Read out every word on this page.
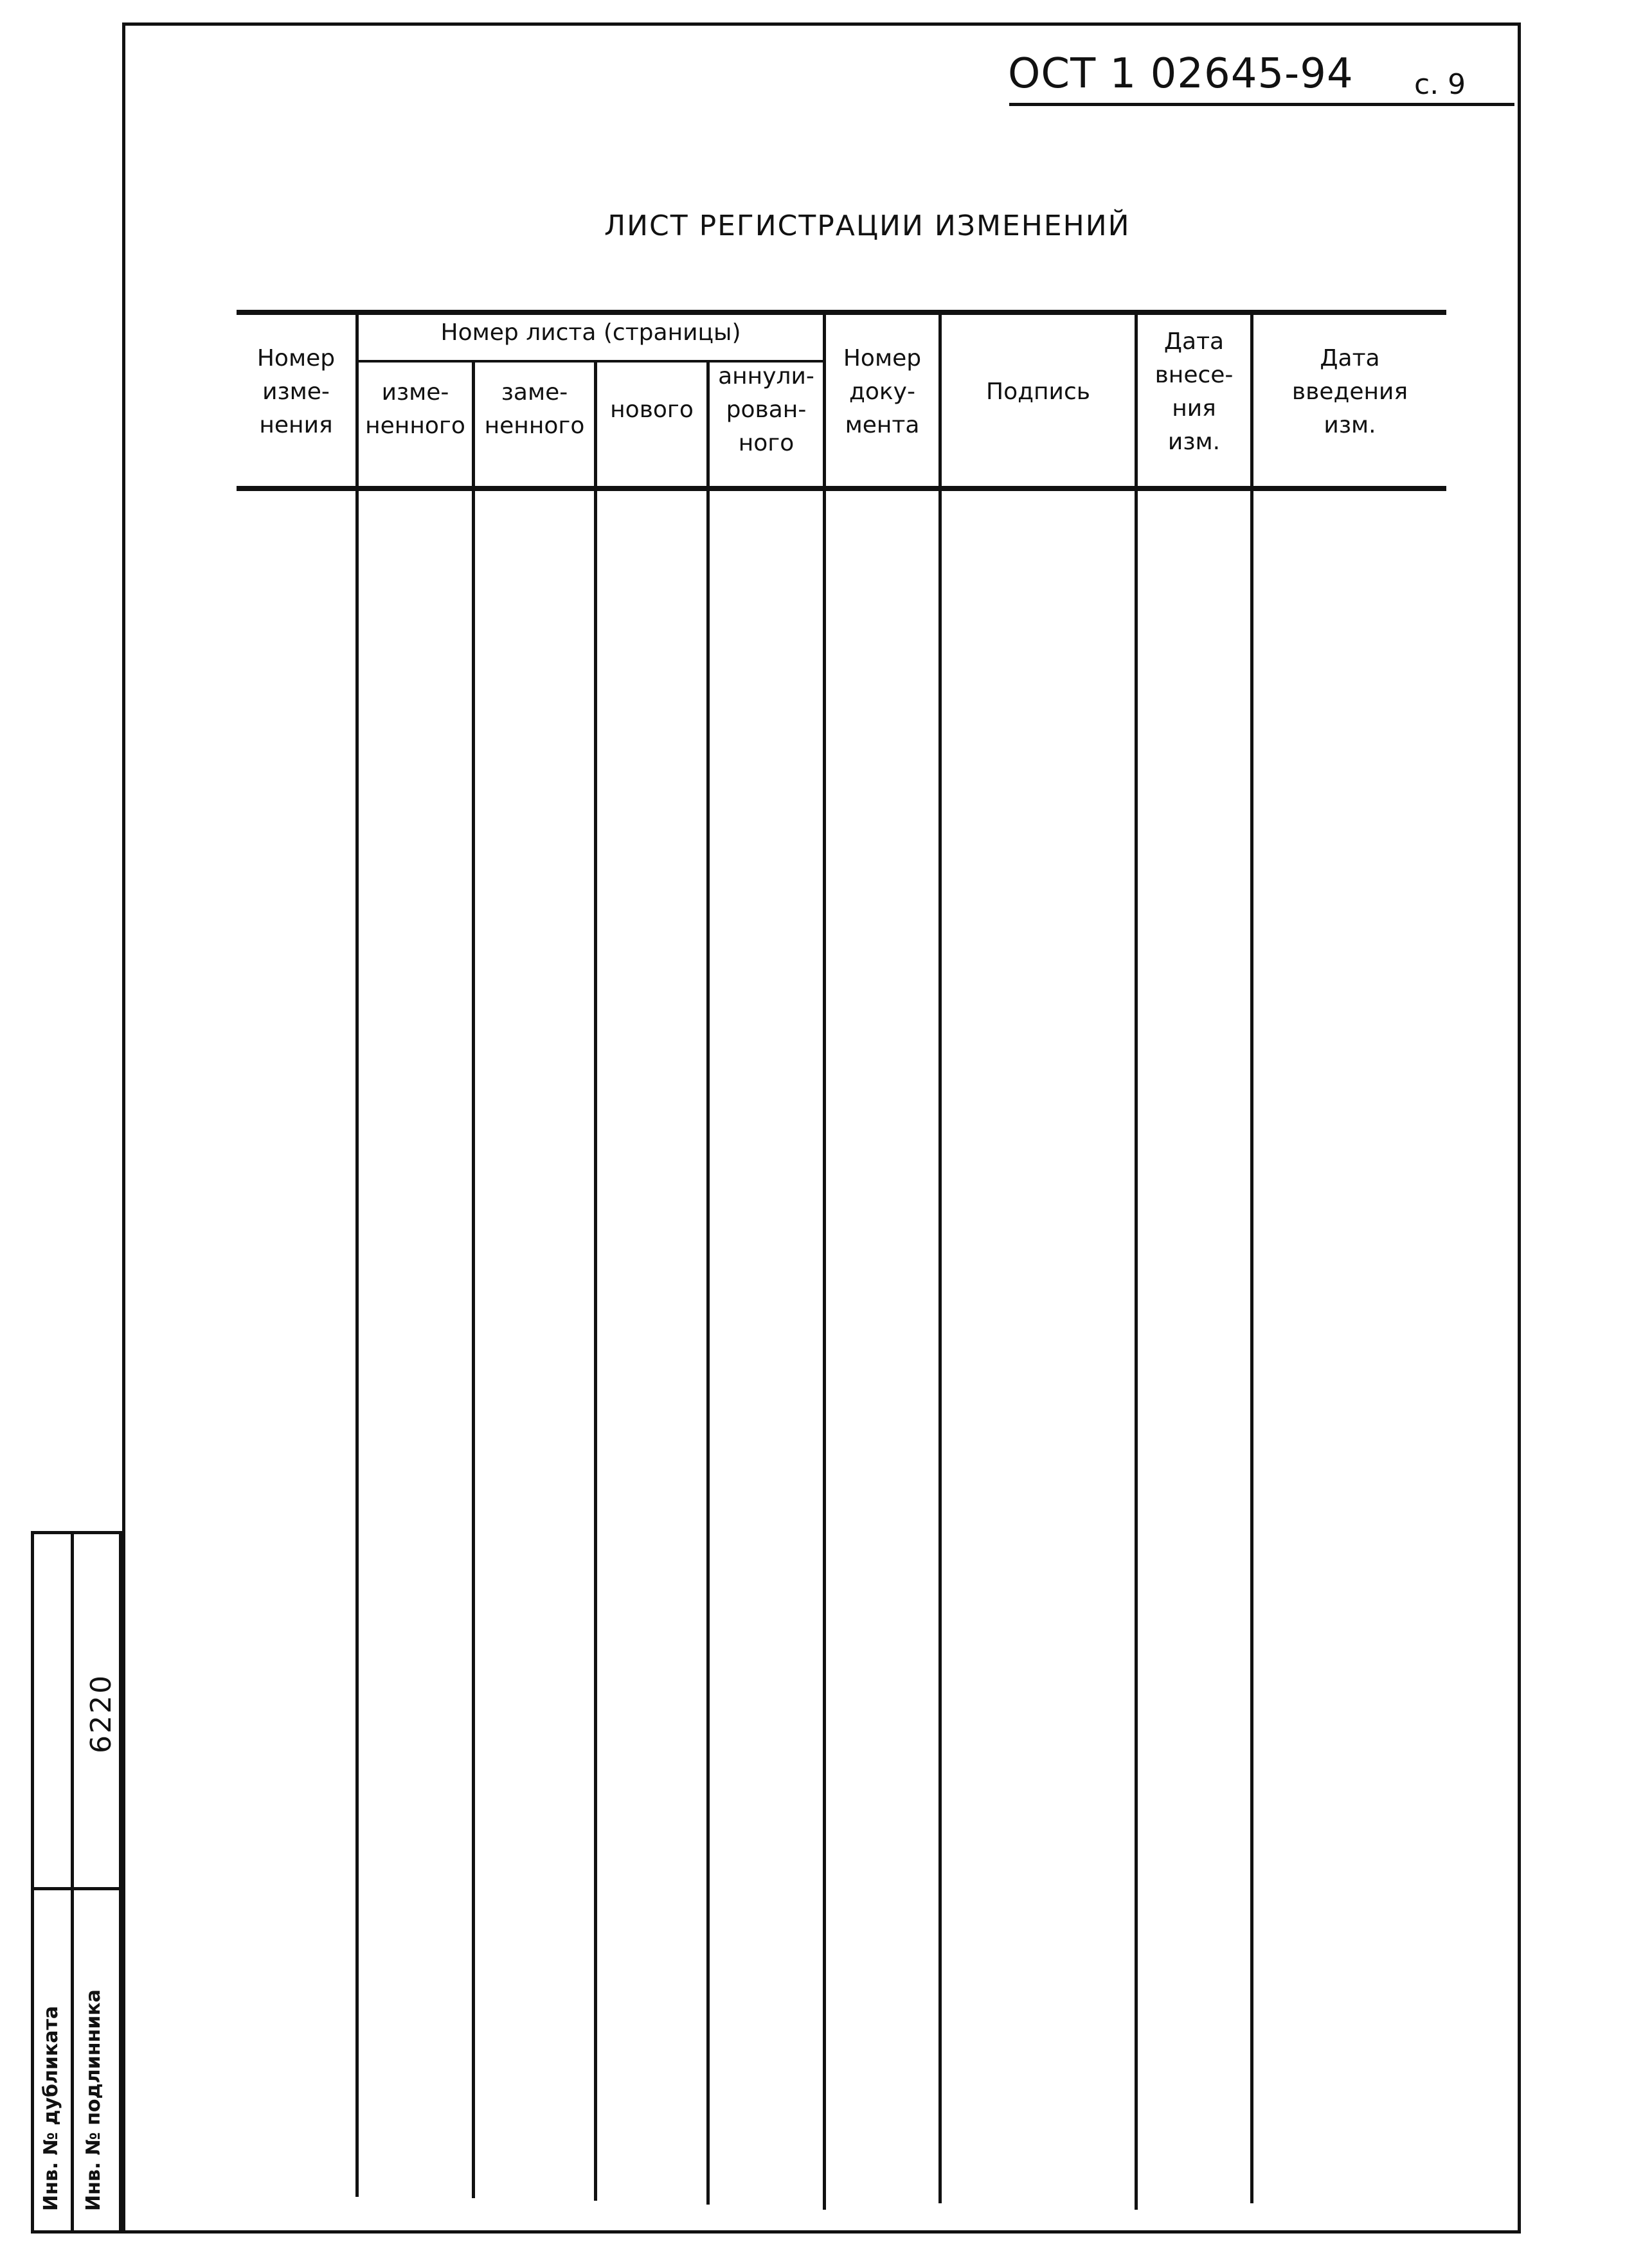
ОСТ 1 02645-94 с. 9
ЛИСТ РЕГИСТРАЦИИ ИЗМЕНЕНИЙ
Номер листа (страницы)
Номер
изме-
нения
изме-
ненного
заме-
ненного
нового
аннули-
рован-
ного
Номер
доку-
мента
Подпись
Дата
внесе-
ния
изм.
Дата
введения
изм.
Инв. № дубликата Инв. № подлинника
6220
